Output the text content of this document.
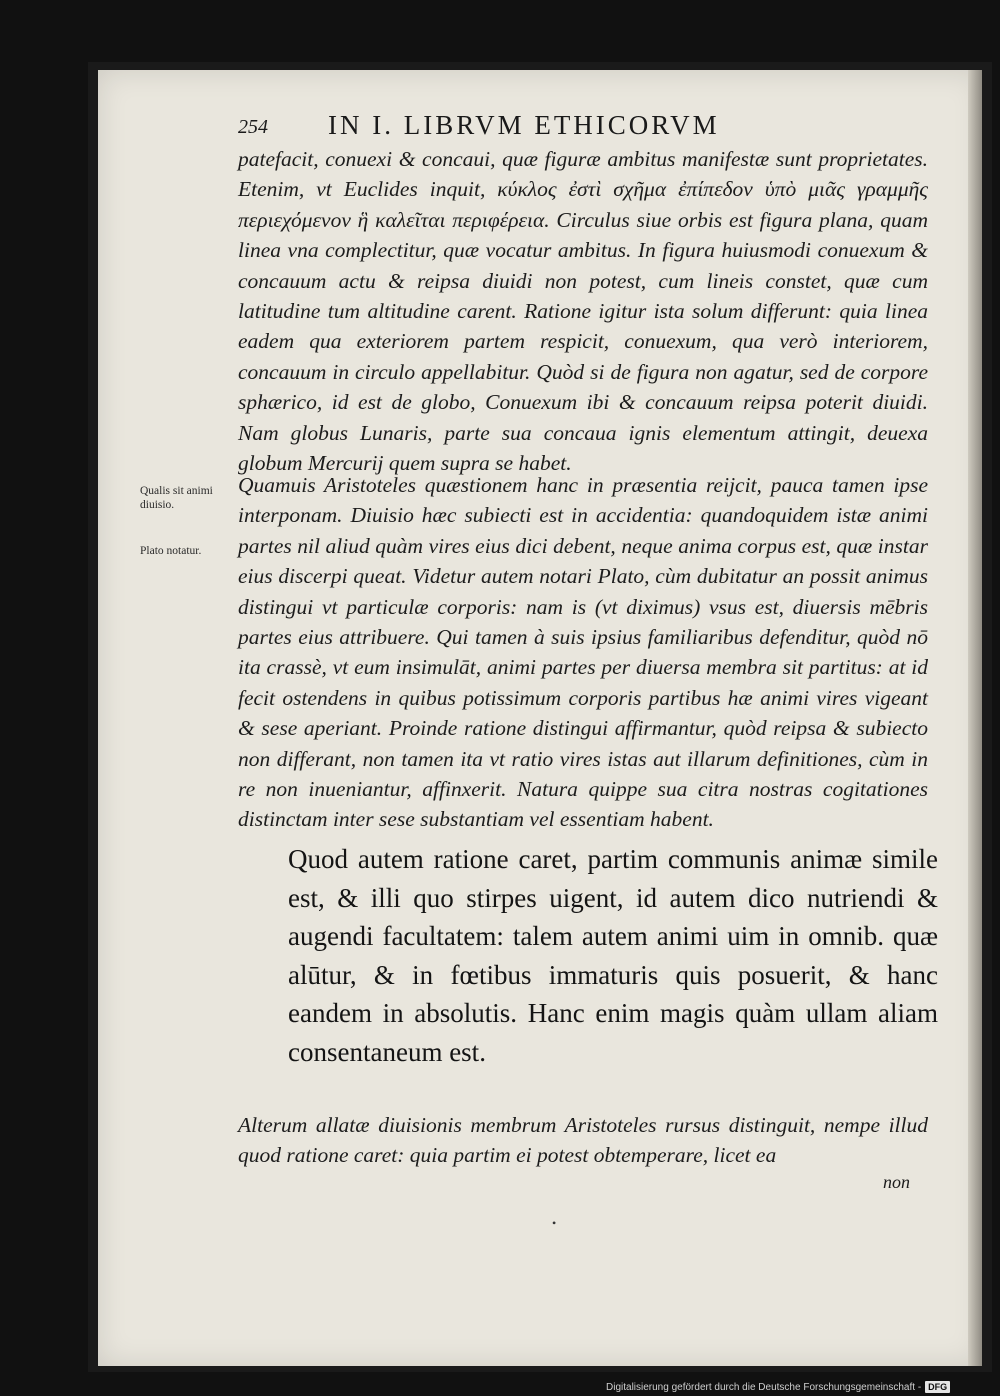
254 IN I. LIBRVM ETHICORVM

patefacit, conuexi & concaui, quæ figuræ ambitus manifestæ sunt proprietates. Etenim, vt Euclides inquit, κύκλος ἐστὶ σχῆμα ἐπίπεδον ὑπὸ μιᾶς γραμμῆς περιεχόμενον ἣ καλεῖται περιφέρεια. Circulus siue orbis est figura plana, quam linea vna complectitur, quæ vocatur ambitus. In figura huiusmodi conuexum & concauum actu & reipsa diuidi non potest, cum lineis constet, quæ cum latitudine tum altitudine carent. Ratione igitur ista solum differunt: quia linea eadem qua exteriorem partem respicit, conuexum, qua verò interiorem, concauum in circulo appellabitur. Quòd si de figura non agatur, sed de corpore sphærico, id est de globo, Conuexum ibi & concauum reipsa poterit diuidi. Nam globus Lunaris, parte sua concaua ignis elementum attingit, deuexa globum Mercurij quem supra se habet.

Qualis sit animi diuisio.

Plato notatur.

Quamuis Aristoteles quæstionem hanc in præsentia reijcit, pauca tamen ipse interponam. Diuisio hæc subiecti est in accidentia: quandoquidem istæ animi partes nil aliud quàm vires eius dici debent, neque anima corpus est, quæ instar eius discerpi queat. Videtur autem notari Plato, cùm dubitatur an possit animus distingui vt particulæ corporis: nam is (vt diximus) vsus est, diuersis mēbris partes eius attribuere. Qui tamen à suis ipsius familiaribus defenditur, quòd nō ita crassè, vt eum insimulāt, animi partes per diuersa membra sit partitus: at id fecit ostendens in quibus potissimum corporis partibus hæ animi vires vigeant & sese aperiant. Proinde ratione distingui affirmantur, quòd reipsa & subiecto non differant, non tamen ita vt ratio vires istas aut illarum definitiones, cùm in re non inueniantur, affinxerit. Natura quippe sua citra nostras cogitationes distinctam inter sese substantiam vel essentiam habent.

Quod autem ratione caret, partim communis animæ simile est, & illi quo stirpes uigent, id autem dico nutriendi & augendi facultatem: talem autem animi uim in omnib. quæ alūtur, & in fœtibus immaturis quis posuerit, & hanc eandem in absolutis. Hanc enim magis quàm ullam aliam consentaneum est.

Alterum allatæ diuisionis membrum Aristoteles rursus distinguit, nempe illud quod ratione caret: quia partim ei potest obtemperare, licet ea

non

•

Digitalisierung gefördert durch die Deutsche Forschungsgemeinschaft - DFG
